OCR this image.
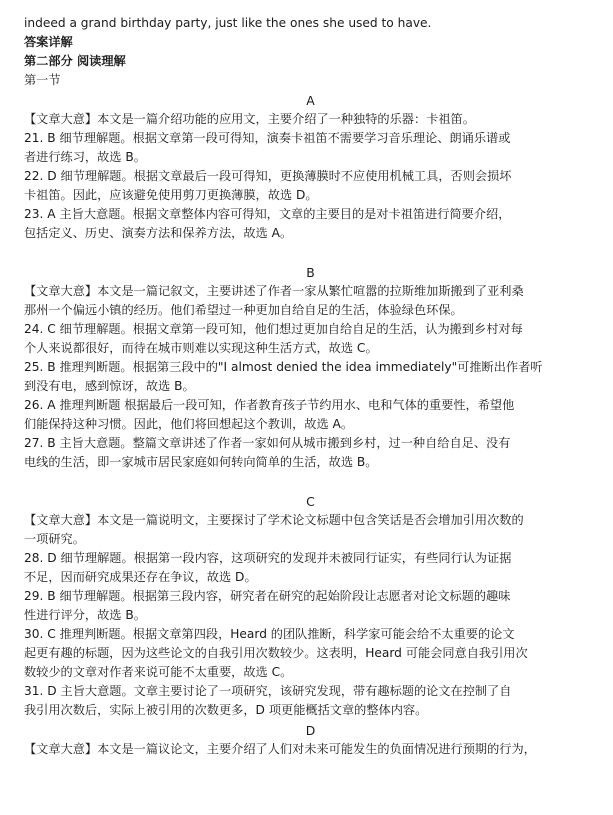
indeed a grand birthday party, just like the ones she used to have.
答案详解
第二部分 阅读理解
第一节
A
【文章大意】本文是一篇介绍功能的应用文，主要介绍了一种独特的乐器：卡祖笛。
21. B 细节理解题。根据文章第一段可得知，演奏卡祖笛不需要学习音乐理论、朗诵乐谱或
者进行练习，故选 B。
22. D 细节理解题。根据文章最后一段可得知，更换薄膜时不应使用机械工具，否则会损坏
卡祖笛。因此，应该避免使用剪刀更换薄膜，故选 D。
23. A 主旨大意题。根据文章整体内容可得知，文章的主要目的是对卡祖笛进行简要介绍，
包括定义、历史、演奏方法和保养方法，故选 A。
B
【文章大意】本文是一篇记叙文，主要讲述了作者一家从繁忙喧嚣的拉斯维加斯搬到了亚利桑
那州一个偏远小镇的经历。他们希望过一种更加自给自足的生活，体验绿色环保。
24. C 细节理解题。根据文章第一段可知，他们想过更加自给自足的生活，认为搬到乡村对每
个人来说都很好，而待在城市则难以实现这种生活方式，故选 C。
25. B 推理判断题。根据第三段中的"I almost denied the idea immediately"可推断出作者听
到没有电，感到惊讶，故选 B。
26. A 推理判断题 根据最后一段可知，作者教育孩子节约用水、电和气体的重要性，希望他
们能保持这种习惯。因此，他们将回想起这个教训，故选 A。
27. B 主旨大意题。整篇文章讲述了作者一家如何从城市搬到乡村，过一种自给自足、没有
电线的生活，即一家城市居民家庭如何转向简单的生活，故选 B。
C
【文章大意】本文是一篇说明文，主要探讨了学术论文标题中包含笑话是否会增加引用次数的
一项研究。
28. D 细节理解题。根据第一段内容，这项研究的发现并未被同行证实，有些同行认为证据
不足，因而研究成果还存在争议，故选 D。
29. B 细节理解题。根据第三段内容，研究者在研究的起始阶段让志愿者对论文标题的趣味
性进行评分，故选 B。
30. C 推理判断题。根据文章第四段，Heard 的团队推断，科学家可能会给不太重要的论文
起更有趣的标题，因为这些论文的自我引用次数较少。这表明，Heard 可能会同意自我引用次
数较少的文章对作者来说可能不太重要，故选 C。
31. D 主旨大意题。文章主要讨论了一项研究，该研究发现，带有趣标题的论文在控制了自
我引用次数后，实际上被引用的次数更多，D 项更能概括文章的整体内容。
D
【文章大意】本文是一篇议论文，主要介绍了人们对未来可能发生的负面情况进行预期的行为，
